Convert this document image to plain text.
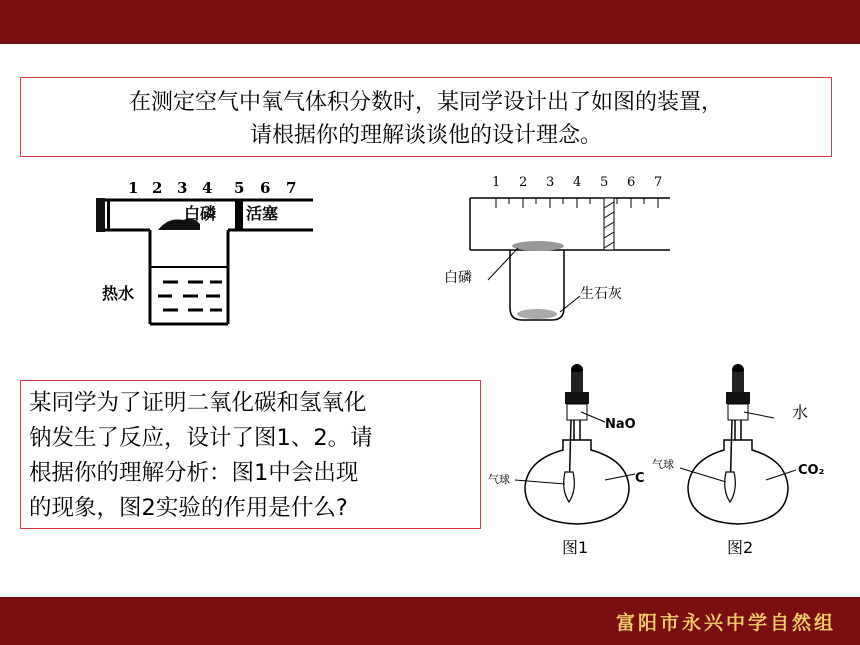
在测定空气中氧气体积分数时，某同学设计出了如图的装置，
请根据你的理解谈谈他的设计理念。
1 2 3 4 5 6 7
白磷 活塞
热水
1 2 3 4 5 6 7
白磷
生石灰
某同学为了证明二氧化碳和氢氧化
钠发生了反应，设计了图1、2。请
根据你的理解分析：图1中会出现
的现象，图2实验的作用是什么?
NaO
气球	C
图1
水
气球	CO₂
图2
富阳市永兴中学自然组
